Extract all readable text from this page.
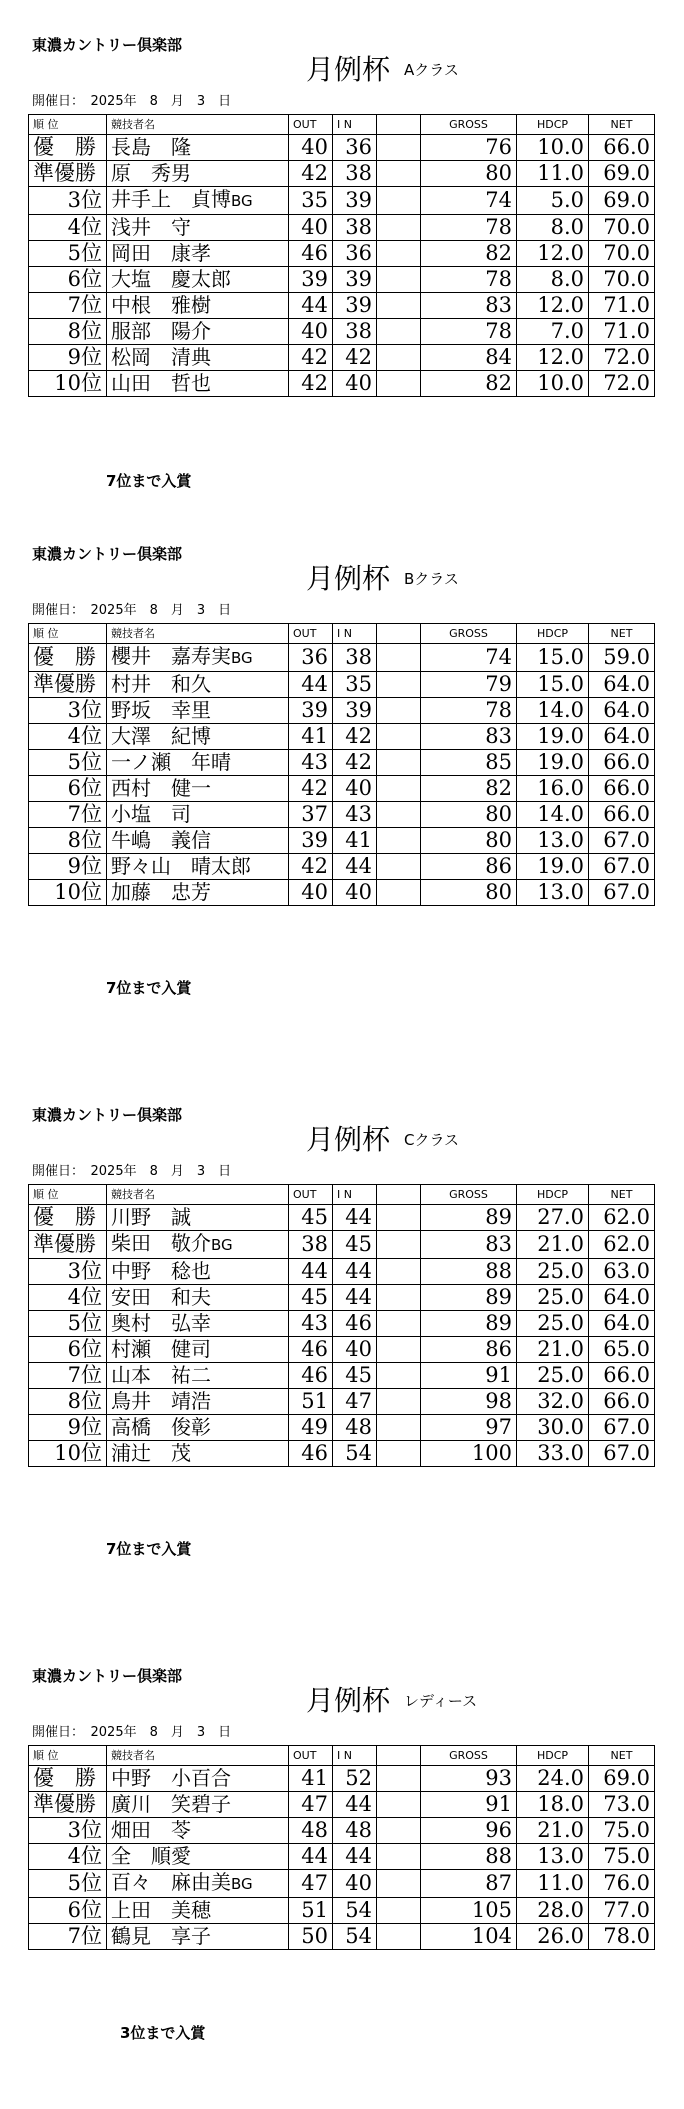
東濃カントリー倶楽部
月例杯 Aクラス
開催日：　2025年　8　月　3　日
順 位	競技者名	OUT	I N		GROSS	HDCP	NET
優　勝	長島　隆	40	36		76	10.0	66.0
準優勝	原　秀男	42	38		80	11.0	69.0
3位	井手上　貞博BG	35	39		74	5.0	69.0
4位	浅井　守	40	38		78	8.0	70.0
5位	岡田　康孝	46	36		82	12.0	70.0
6位	大塩　慶太郎	39	39		78	8.0	70.0
7位	中根　雅樹	44	39		83	12.0	71.0
8位	服部　陽介	40	38		78	7.0	71.0
9位	松岡　清典	42	42		84	12.0	72.0
10位	山田　哲也	42	40		82	10.0	72.0
7位まで入賞
東濃カントリー倶楽部
月例杯 Bクラス
開催日：　2025年　8　月　3　日
順 位	競技者名	OUT	I N		GROSS	HDCP	NET
優　勝	櫻井　嘉寿実BG	36	38		74	15.0	59.0
準優勝	村井　和久	44	35		79	15.0	64.0
3位	野坂　幸里	39	39		78	14.0	64.0
4位	大澤　紀博	41	42		83	19.0	64.0
5位	一ノ瀬　年晴	43	42		85	19.0	66.0
6位	西村　健一	42	40		82	16.0	66.0
7位	小塩　司	37	43		80	14.0	66.0
8位	牛嶋　義信	39	41		80	13.0	67.0
9位	野々山　晴太郎	42	44		86	19.0	67.0
10位	加藤　忠芳	40	40		80	13.0	67.0
7位まで入賞
東濃カントリー倶楽部
月例杯 Cクラス
開催日：　2025年　8　月　3　日
順 位	競技者名	OUT	I N		GROSS	HDCP	NET
優　勝	川野　誠	45	44		89	27.0	62.0
準優勝	柴田　敬介BG	38	45		83	21.0	62.0
3位	中野　稔也	44	44		88	25.0	63.0
4位	安田　和夫	45	44		89	25.0	64.0
5位	奥村　弘幸	43	46		89	25.0	64.0
6位	村瀬　健司	46	40		86	21.0	65.0
7位	山本　祐二	46	45		91	25.0	66.0
8位	鳥井　靖浩	51	47		98	32.0	66.0
9位	高橋　俊彰	49	48		97	30.0	67.0
10位	浦辻　茂	46	54		100	33.0	67.0
7位まで入賞
東濃カントリー倶楽部
月例杯 レディース
開催日：　2025年　8　月　3　日
順 位	競技者名	OUT	I N		GROSS	HDCP	NET
優　勝	中野　小百合	41	52		93	24.0	69.0
準優勝	廣川　笑碧子	47	44		91	18.0	73.0
3位	畑田　苓	48	48		96	21.0	75.0
4位	全　順愛	44	44		88	13.0	75.0
5位	百々　麻由美BG	47	40		87	11.0	76.0
6位	上田　美穂	51	54		105	28.0	77.0
7位	鶴見　享子	50	54		104	26.0	78.0
3位まで入賞
